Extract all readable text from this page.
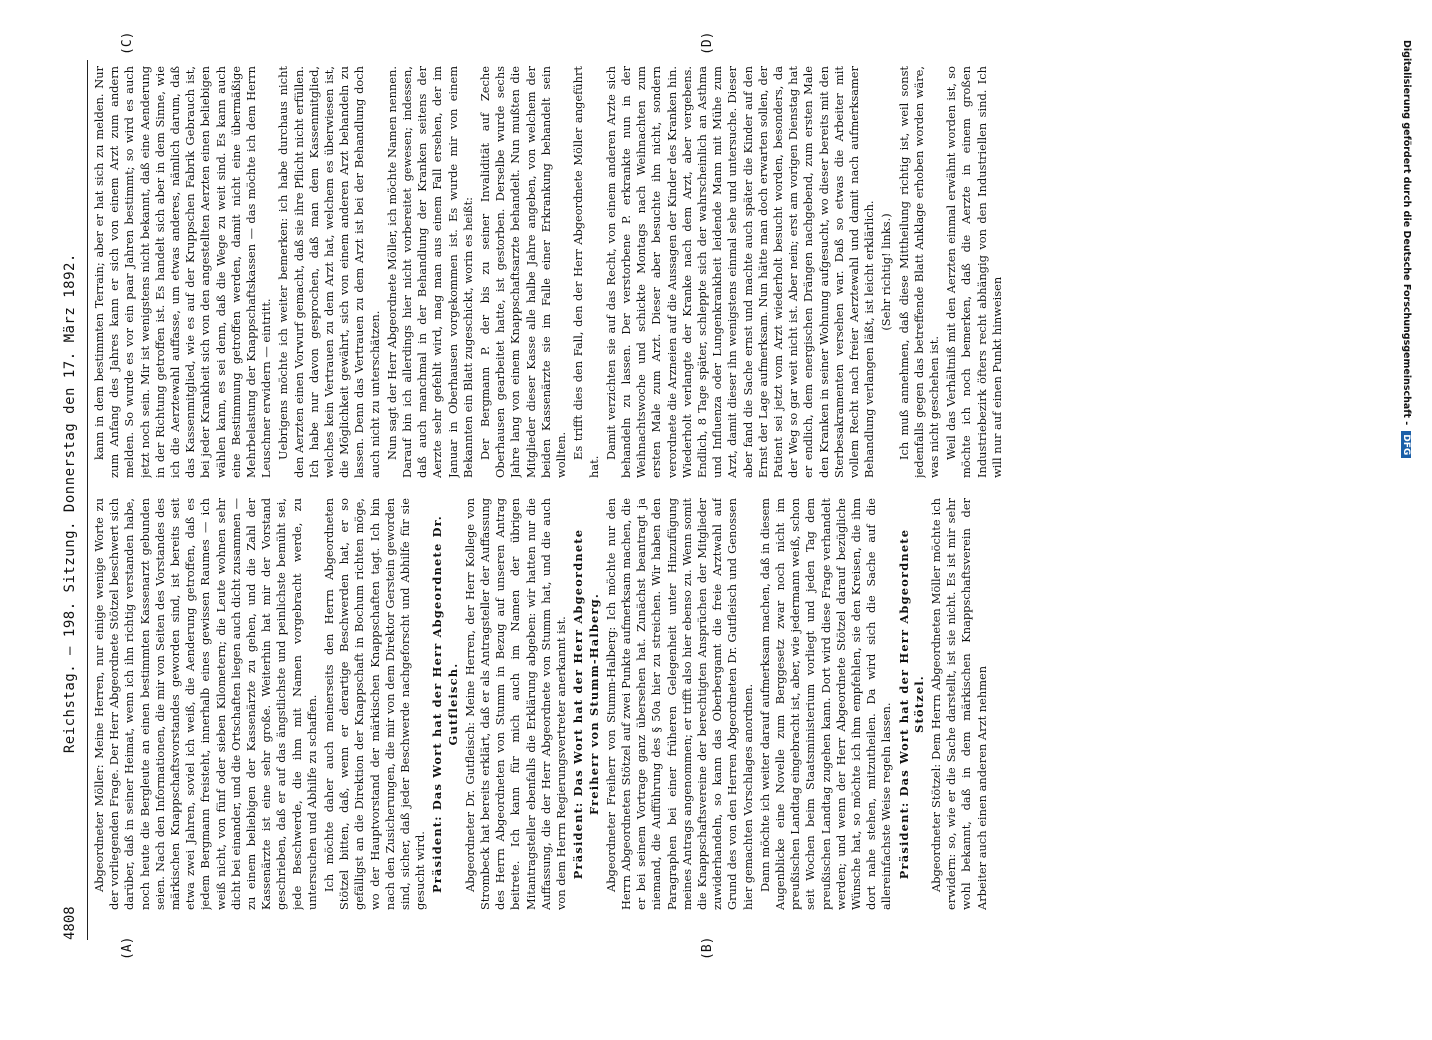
4808
Reichstag. — 198. Sitzung. Donnerstag den 17. März 1892.
(A)	(B)
(C)	(D)

Abgeordneter Möller: Meine Herren, nur einige wenige Worte zu der vorliegenden Frage. Der Herr Abgeordnete Stötzel beschwert sich darüber, daß in seiner Heimat, wenn ich ihn richtig verstanden habe, noch heute die Bergleute an einen bestimmten Kassenarzt gebunden seien. Nach den Informationen, die mir von Seiten des Vorstandes des märkischen Knappschaftsvorstandes geworden sind, ist bereits seit etwa zwei Jahren, soviel ich weiß, die Aenderung getroffen, daß es jedem Bergmann freisteht, innerhalb eines gewissen Raumes — ich weiß nicht, von fünf oder sieben Kilometern; die Leute wohnen sehr dicht bei einander, und die Ortschaften liegen auch dicht zusammen — zu einem beliebigen der Kassenärzte zu gehen, und die Zahl der Kassenärzte ist eine sehr große. Weiterhin hat mir der Vorstand geschrieben, daß er auf das ängstlichste und peinlichste bemüht sei, jede Beschwerde, die ihm mit Namen vorgebracht werde, zu untersuchen und Abhilfe zu schaffen. Ich möchte daher auch meinerseits den Herrn Abgeordneten Stötzel bitten, daß, wenn er derartige Beschwerden hat, er so gefälligst an die Direktion der Knappschaft in Bochum richten möge, wo der Hauptvorstand der märkischen Knappschaften tagt. Ich bin nach den Zusicherungen, die mir von dem Direktor Gerstein geworden sind, sicher, daß jeder Beschwerde nachgeforscht und Abhilfe für sie gesucht wird. Präsident: Das Wort hat der Herr Abgeordnete Dr. Gutfleisch. Abgeordneter Dr. Gutfleisch: Meine Herren, der Herr Kollege von Strombeck hat bereits erklärt, daß er als Antragsteller der Auffassung des Herrn Abgeordneten von Stumm in Bezug auf unseren Antrag beitrete. Ich kann für mich auch im Namen der übrigen Mitantragsteller ebenfalls die Erklärung abgeben: wir hatten nur die Auffassung, die der Herr Abgeordnete von Stumm hat, und die auch von dem Herrn Regierungsvertreter anerkannt ist. Präsident: Das Wort hat der Herr Abgeordnete Freiherr von Stumm-Halberg. Abgeordneter Freiherr von Stumm-Halberg: Ich möchte nur den Herrn Abgeordneten Stötzel auf zwei Punkte aufmerksam machen, die er bei seinem Vortrage ganz übersehen hat. Zunächst beantragt ja niemand, die Aufführung des § 50a hier zu streichen. Wir haben den Paragraphen bei einer früheren Gelegenheit unter Hinzufügung meines Antrags angenommen; er trifft also hier ebenso zu. Wenn somit die Knappschaftsvereine der berechtigten Ansprüchen der Mitglieder zuwiderhandeln, so kann das Oberbergamt die freie Arztwahl auf Grund des von den Herren Abgeordneten Dr. Gutfleisch und Genossen hier gemachten Vorschlages anordnen. Dann möchte ich weiter darauf aufmerksam machen, daß in diesem Augenblicke eine Novelle zum Berggesetz zwar noch nicht im preußischen Landtag eingebracht ist, aber, wie jedermann weiß, schon seit Wochen beim Staatsministerium vorliegt und jeden Tag dem preußischen Landtag zugehen kann. Dort wird diese Frage verhandelt werden; und wenn der Herr Abgeordnete Stötzel darauf bezügliche Wünsche hat, so möchte ich ihm empfehlen, sie den Kreisen, die ihm dort nahe stehen, mitzutheilen. Da wird sich die Sache auf die allereinfachste Weise regeln lassen. Präsident: Das Wort hat der Herr Abgeordnete Stötzel. Abgeordneter Stötzel: Dem Herrn Abgeordneten Möller möchte ich erwidern: so, wie er die Sache darstellt, ist sie nicht. Es ist mir sehr wohl bekannt, daß in dem märkischen Knappschaftsverein der Arbeiter auch einen anderen Arzt nehmen

kann in dem bestimmten Terrain; aber er hat sich zu melden. Nur zum Anfang des Jahres kann er sich von einem Arzt zum andern melden. So wurde es vor ein paar Jahren bestimmt; so wird es auch jetzt noch sein. Mir ist wenigstens nicht bekannt, daß eine Aenderung in der Richtung getroffen ist. Es handelt sich aber in dem Sinne, wie ich die Aerztewahl auffasse, um etwas anderes, nämlich darum, daß das Kassenmitglied, wie es auf der Kruppschen Fabrik Gebrauch ist, bei jeder Krankheit sich von den angestellten Aerzten einen beliebigen wählen kann, es sei denn, daß die Wege zu weit sind. Es kann auch eine Bestimmung getroffen werden, damit nicht eine übermäßige Mehrbelastung der Knappschaftskassen — das möchte ich dem Herrn Leuschner erwidern — eintritt. Uebrigens möchte ich weiter bemerken: ich habe durchaus nicht den Aerzten einen Vorwurf gemacht, daß sie ihre Pflicht nicht erfüllen. Ich habe nur davon gesprochen, daß man dem Kassenmitglied, welches kein Vertrauen zu dem Arzt hat, welchem es überwiesen ist, die Möglichkeit gewährt, sich von einem anderen Arzt behandeln zu lassen. Denn das Vertrauen zu dem Arzt ist bei der Behandlung doch auch nicht zu unterschätzen. Nun sagt der Herr Abgeordnete Möller, ich möchte Namen nennen. Darauf bin ich allerdings hier nicht vorbereitet gewesen; indessen, daß auch manchmal in der Behandlung der Kranken seitens der Aerzte sehr gefehlt wird, mag man aus einem Fall ersehen, der im Januar in Oberhausen vorgekommen ist. Es wurde mir von einem Bekannten ein Blatt zugeschickt, worin es heißt: Der Bergmann P. der bis zu seiner Invalidität auf Zeche Oberhausen gearbeitet hatte, ist gestorben. Derselbe wurde sechs Jahre lang von einem Knappschaftsarzte behandelt. Nun mußten die Mitglieder dieser Kasse alle halbe Jahre angeben, von welchem der beiden Kassenärzte sie im Falle einer Erkrankung behandelt sein wollten. Es trifft dies den Fall, den der Herr Abgeordnete Möller angeführt hat.

Damit verzichten sie auf das Recht, von einem anderen Arzte sich behandeln zu lassen. Der verstorbene P. erkrankte nun in der Weihnachtswoche und schickte Montags nach Weihnachten zum ersten Male zum Arzt. Dieser aber besuchte ihn nicht, sondern verordnete die Arzneien auf die Aussagen der Kinder des Kranken hin. Wiederholt verlangte der Kranke nach dem Arzt, aber vergebens. Endlich, 8 Tage später, schleppte sich der wahrscheinlich an Asthma und Influenza oder Lungenkrankheit leidende Mann mit Mühe zum Arzt, damit dieser ihn wenigstens einmal sehe und untersuche. Dieser aber fand die Sache ernst und machte auch später die Kinder auf den Ernst der Lage aufmerksam. Nun hätte man doch erwarten sollen, der Patient sei jetzt vom Arzt wiederholt besucht worden, besonders, da der Weg so gar weit nicht ist. Aber nein; erst am vorigen Dienstag hat er endlich, dem energischen Drängen nachgebend, zum ersten Male den Kranken in seiner Wohnung aufgesucht, wo dieser bereits mit den Sterbesakramenten versehen war. Daß so etwas die Arbeiter mit vollem Recht nach freier Aerztewahl und damit nach aufmerksamer Behandlung verlangen läßt, ist leicht erklärlich. (Sehr richtig! links.) Ich muß annehmen, daß diese Mittheilung richtig ist, weil sonst jedenfalls gegen das betreffende Blatt Anklage erhoben worden wäre, was nicht geschehen ist. Weil das Verhältniß mit den Aerzten einmal erwähnt worden ist, so möchte ich noch bemerken, daß die Aerzte in einem großen Industriebezirk öfters recht abhängig von den Industriellen sind. Ich will nur auf einen Punkt hinweisen	Digitalisierung gefördert durch die Deutsche Forschungsgemeinschaft -DFG
